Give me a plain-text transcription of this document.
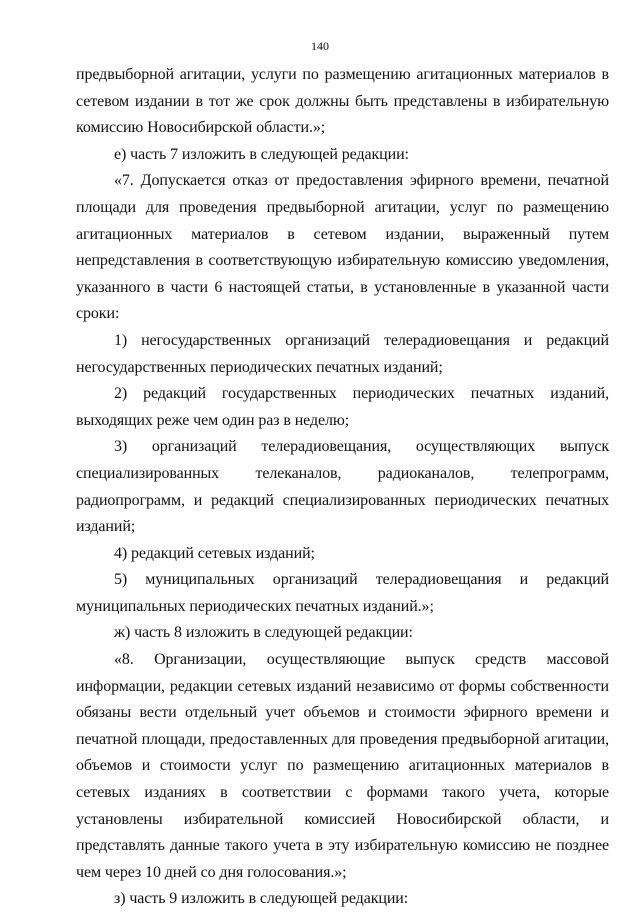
140

предвыборной агитации, услуги по размещению агитационных материалов в сетевом издании в тот же срок должны быть представлены в избирательную комиссию Новосибирской области.»;

е) часть 7 изложить в следующей редакции:

«7. Допускается отказ от предоставления эфирного времени, печатной площади для проведения предвыборной агитации, услуг по размещению агитационных материалов в сетевом издании, выраженный путем непредставления в соответствующую избирательную комиссию уведомления, указанного в части 6 настоящей статьи, в установленные в указанной части сроки:

1) негосударственных организаций телерадиовещания и редакций негосударственных периодических печатных изданий;

2) редакций государственных периодических печатных изданий, выходящих реже чем один раз в неделю;

3) организаций телерадиовещания, осуществляющих выпуск специализированных телеканалов, радиоканалов, телепрограмм, радиопрограмм, и редакций специализированных периодических печатных изданий;

4) редакций сетевых изданий;

5) муниципальных организаций телерадиовещания и редакций муниципальных периодических печатных изданий.»;

ж) часть 8 изложить в следующей редакции:

«8. Организации, осуществляющие выпуск средств массовой информации, редакции сетевых изданий независимо от формы собственности обязаны вести отдельный учет объемов и стоимости эфирного времени и печатной площади, предоставленных для проведения предвыборной агитации, объемов и стоимости услуг по размещению агитационных материалов в сетевых изданиях в соответствии с формами такого учета, которые установлены избирательной комиссией Новосибирской области, и представлять данные такого учета в эту избирательную комиссию не позднее чем через 10 дней со дня голосования.»;

з) часть 9 изложить в следующей редакции:
